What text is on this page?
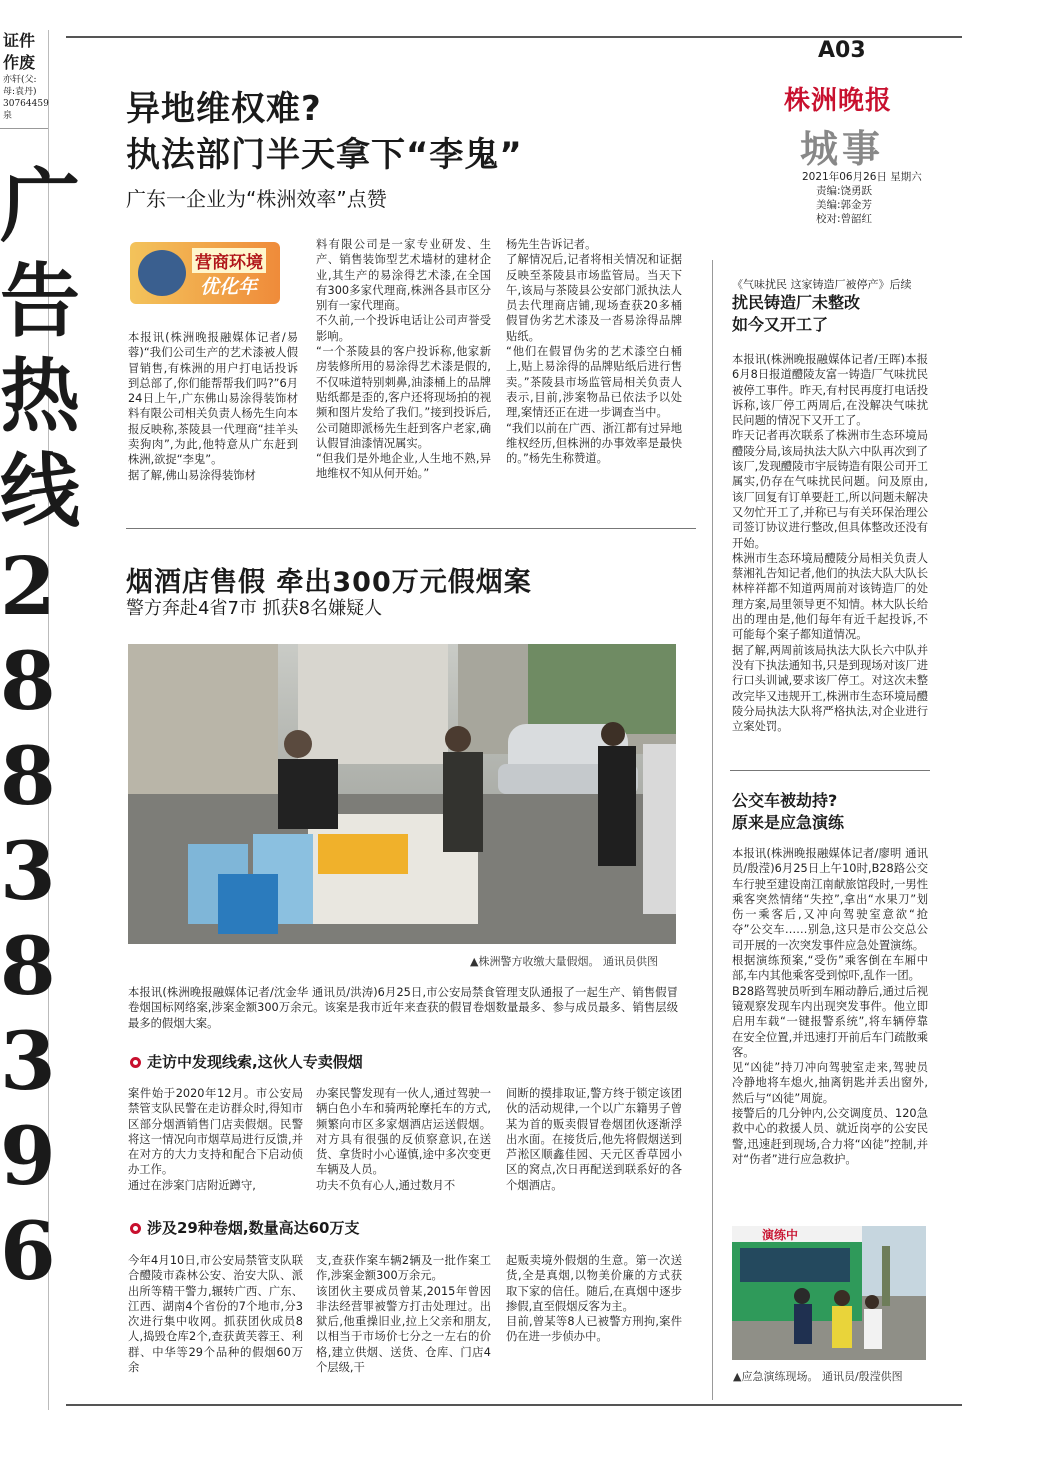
证件
作废
亦轩(父:
母:袁丹)
30764459
泉
广
告
热
线
2
8
8
3
8
3
9
6
A03
株洲晚报
城事
2021年06月26日 星期六
责编:饶勇跃
美编:郭金芳
校对:曾韶红
异地维权难?
执法部门半天拿下“李鬼”
广东一企业为“株洲效率”点赞
营商环境
优化年
本报讯(株洲晚报融媒体记者/易蓉)“我们公司生产的艺术漆被人假冒销售,有株洲的用户打电话投诉到总部了,你们能帮帮我们吗?”6月24日上午,广东佛山易涂得装饰材料有限公司相关负责人杨先生向本报反映称,茶陵县一代理商“挂羊头卖狗肉”,为此,他特意从广东赶到株洲,欲捉“李鬼”。
据了解,佛山易涂得装饰材
料有限公司是一家专业研发、生产、销售装饰型艺术墙材的建材企业,其生产的易涂得艺术漆,在全国有300多家代理商,株洲各县市区分别有一家代理商。
不久前,一个投诉电话让公司声誉受影响。
“一个茶陵县的客户投诉称,他家新房装修所用的易涂得艺术漆是假的,不仅味道特别刺鼻,油漆桶上的品牌贴纸都是歪的,客户还将现场拍的视频和图片发给了我们。”接到投诉后,公司随即派杨先生赶到客户老家,确认假冒油漆情况属实。
“但我们是外地企业,人生地不熟,异地维权不知从何开始。”
杨先生告诉记者。
了解情况后,记者将相关情况和证据反映至茶陵县市场监管局。当天下午,该局与茶陵县公安部门派执法人员去代理商店铺,现场查获20多桶假冒伪劣艺术漆及一沓易涂得品牌贴纸。
“他们在假冒伪劣的艺术漆空白桶上,贴上易涂得的品牌贴纸后进行售卖。”茶陵县市场监管局相关负责人表示,目前,涉案物品已依法予以处理,案情还正在进一步调查当中。
“我们以前在广西、浙江都有过异地维权经历,但株洲的办事效率是最快的。”杨先生称赞道。
烟酒店售假 牵出300万元假烟案
警方奔赴4省7市 抓获8名嫌疑人
▲株洲警方收缴大量假烟。 通讯员供图
本报讯(株洲晚报融媒体记者/沈金华 通讯员/洪涛)6月25日,市公安局禁食管理支队通报了一起生产、销售假冒卷烟国标网络案,涉案金额300万余元。该案是我市近年来查获的假冒卷烟数量最多、参与成员最多、销售层级最多的假烟大案。
走访中发现线索,这伙人专卖假烟
案件始于2020年12月。市公安局禁管支队民警在走访群众时,得知市区部分烟酒销售门店卖假烟。民警将这一情况向市烟草局进行反馈,并在对方的大力支持和配合下启动侦办工作。
通过在涉案门店附近蹲守,
办案民警发现有一伙人,通过驾驶一辆白色小车和骑两轮摩托车的方式,频繁向市区多家烟酒店运送假烟。对方具有很强的反侦察意识,在送货、拿货时小心谨慎,途中多次变更车辆及人员。
功夫不负有心人,通过数月不
间断的摸排取证,警方终于锁定该团伙的活动规律,一个以广东籍男子曾某为首的贩卖假冒卷烟团伙逐渐浮出水面。在接货后,他先将假烟送到芦淞区顺鑫佳园、天元区香草园小区的窝点,次日再配送到联系好的各个烟酒店。
涉及29种卷烟,数量高达60万支
今年4月10日,市公安局禁管支队联合醴陵市森林公安、治安大队、派出所等精干警力,辗转广西、广东、江西、湖南4个省份的7个地市,分3次进行集中收网。抓获团伙成员8人,捣毁仓库2个,查获黄芙蓉王、利群、中华等29个品种的假烟60万余
支,查获作案车辆2辆及一批作案工作,涉案金额300万余元。
该团伙主要成员曾某,2015年曾因非法经营罪被警方打击处理过。出狱后,他重操旧业,拉上父亲和朋友,以相当于市场价七分之一左右的价格,建立供烟、送货、仓库、门店4个层级,干
起贩卖境外假烟的生意。第一次送货,全是真烟,以物美价廉的方式获取下家的信任。随后,在真烟中逐步掺假,直至假烟反客为主。
目前,曾某等8人已被警方刑拘,案件仍在进一步侦办中。
《气味扰民 这家铸造厂被停产》后续
扰民铸造厂未整改
如今又开工了
本报讯(株洲晚报融媒体记者/王晖)本报6月8日报道醴陵友富一铸造厂气味扰民被停工事件。昨天,有村民再度打电话投诉称,该厂停工两周后,在没解决气味扰民问题的情况下又开工了。
昨天记者再次联系了株洲市生态环境局醴陵分局,该局执法大队六中队再次到了该厂,发现醴陵市宇辰铸造有限公司开工属实,仍存在气味扰民问题。问及原由,该厂回复有订单要赶工,所以问题未解决又勿忙开工了,并称已与有关环保治理公司签订协议进行整改,但具体整改还没有开始。
株洲市生态环境局醴陵分局相关负责人蔡湘礼告知记者,他们的执法大队大队长林梓祥都不知道两周前对该铸造厂的处理方案,局里领导更不知情。林大队长给出的理由是,他们每年有近千起投诉,不可能每个案子都知道情况。
据了解,两周前该局执法大队长六中队并没有下执法通知书,只是到现场对该厂进行口头训诫,要求该厂停工。对这次未整改完毕又违规开工,株洲市生态环境局醴陵分局执法大队将严格执法,对企业进行立案处罚。
公交车被劫持?
原来是应急演练
本报讯(株洲晚报融媒体记者/廖明 通讯员/殷滢)6月25日上午10时,B28路公交车行驶至建设南江南献旅馆段时,一男性乘客突然情绪“失控”,拿出“水果刀”划伤一乘客后,又冲向驾驶室意欲“抢夺”公交车……别急,这只是市公交总公司开展的一次突发事件应急处置演练。
根据演练预案,“受伤”乘客倒在车厢中部,车内其他乘客受到惊吓,乱作一团。
B28路驾驶员听到车厢动静后,通过后视镜观察发现车内出现突发事件。他立即启用车载“一键报警系统”,将车辆停靠在安全位置,并迅速打开前后车门疏散乘客。
见“凶徒”持刀冲向驾驶室走来,驾驶员冷静地将车熄火,抽离钥匙并丢出窗外,然后与“凶徒”周旋。
接警后的几分钟内,公交调度员、120急救中心的救援人员、就近岗亭的公安民警,迅速赶到现场,合力将“凶徒”控制,并对“伤者”进行应急救护。
演练中
▲应急演练现场。 通讯员/殷滢供图
